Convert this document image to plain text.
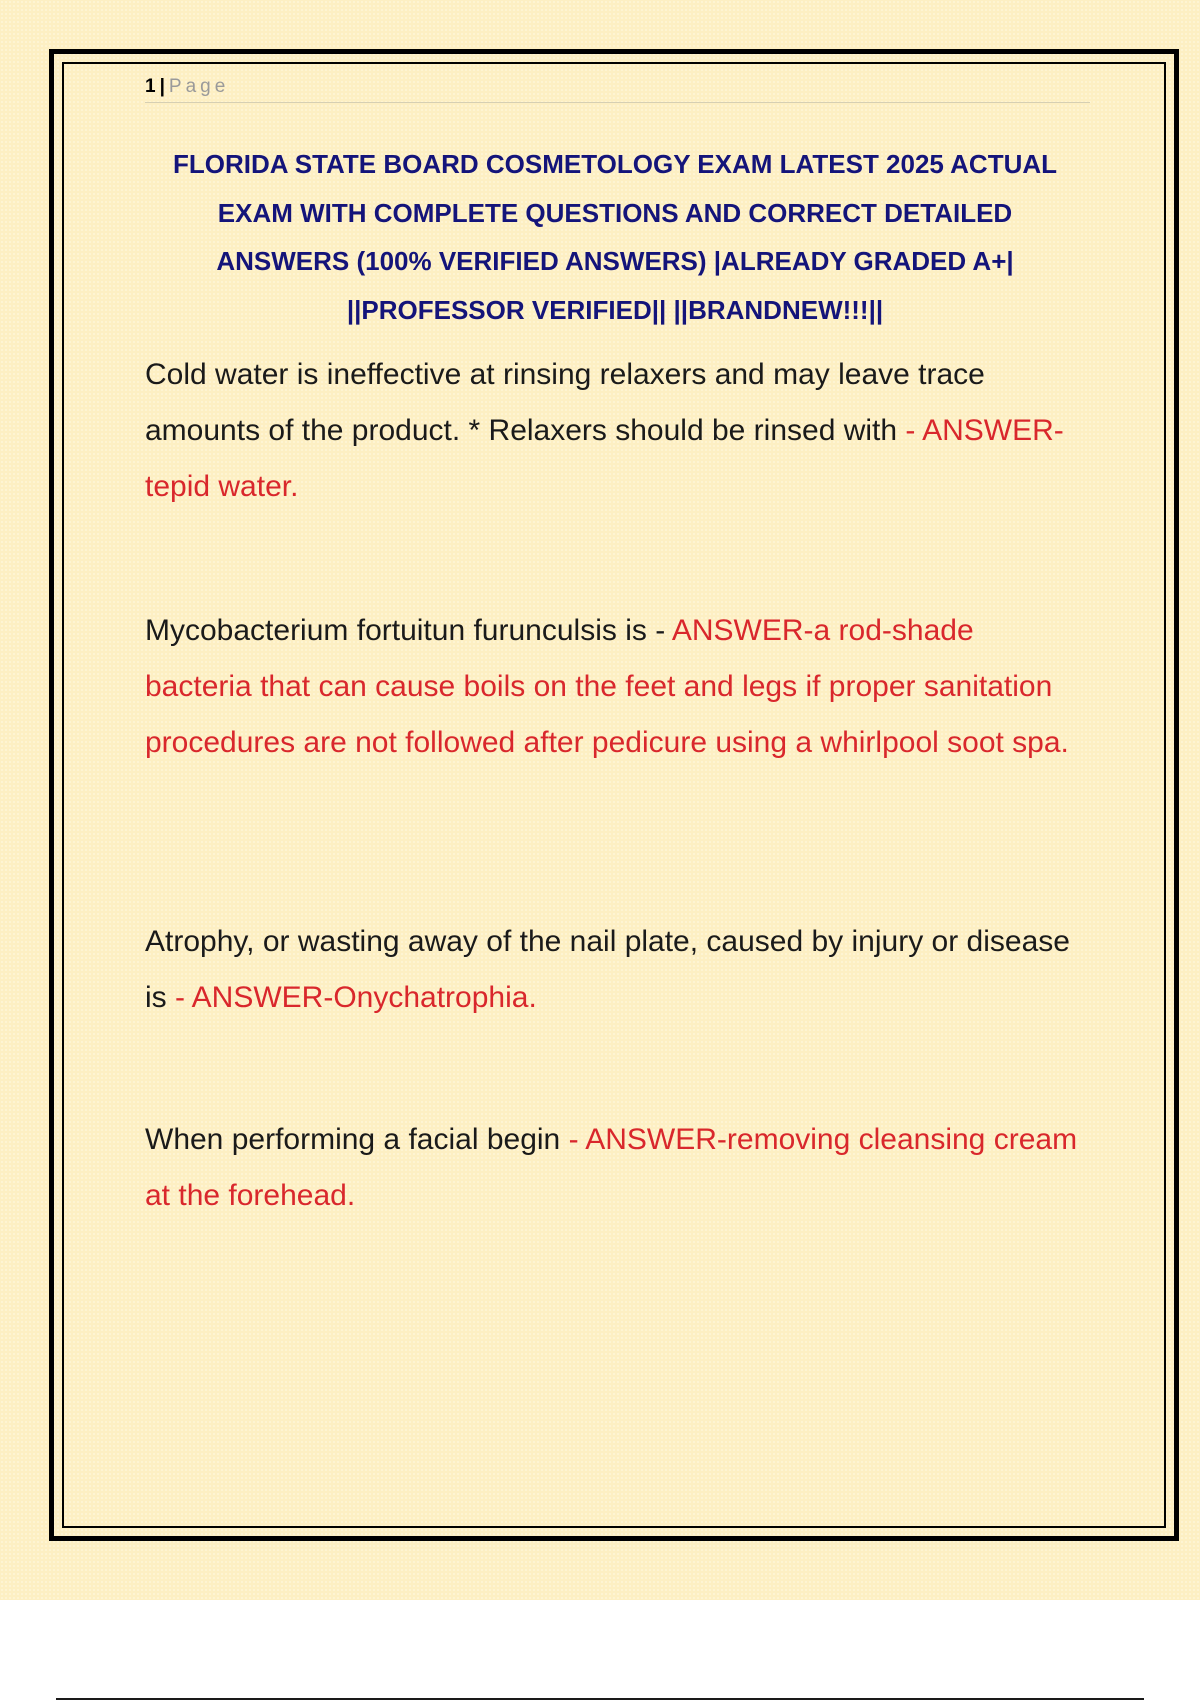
1 | Page
FLORIDA STATE BOARD COSMETOLOGY EXAM LATEST 2025 ACTUAL EXAM WITH COMPLETE QUESTIONS AND CORRECT DETAILED ANSWERS (100% VERIFIED ANSWERS) |ALREADY GRADED A+| ||PROFESSOR VERIFIED|| ||BRANDNEW!!!||
Cold water is ineffective at rinsing relaxers and may leave trace amounts of the product. * Relaxers should be rinsed with - ANSWER-tepid water.
Mycobacterium fortuitun furunculsis is - ANSWER-a rod-shade bacteria that can cause boils on the feet and legs if proper sanitation procedures are not followed after pedicure using a whirlpool soot spa.
Atrophy, or wasting away of the nail plate, caused by injury or disease is - ANSWER-Onychatrophia.
When performing a facial begin - ANSWER-removing cleansing cream at the forehead.
